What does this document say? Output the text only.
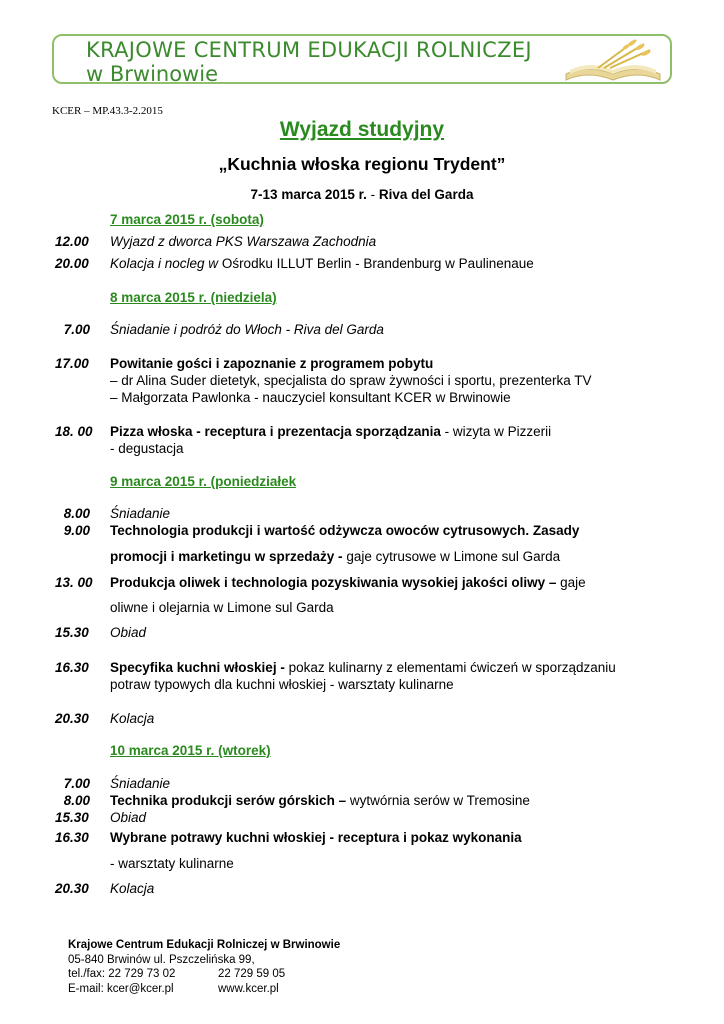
KRAJOWE CENTRUM EDUKACJI ROLNICZEJ
w Brwinowie
KCER – MP.43.3-2.2015
Wyjazd studyjny
„Kuchnia włoska regionu Trydent”
7-13 marca 2015 r. - Riva del Garda
7 marca 2015 r. (sobota)
12.00 Wyjazd z dworca PKS Warszawa Zachodnia
20.00 Kolacja i nocleg w Ośrodku ILLUT Berlin - Brandenburg w Paulinenaue
8 marca 2015 r. (niedziela)
7.00 Śniadanie i podróż do Włoch - Riva del Garda
17.00 Powitanie gości i zapoznanie z programem pobytu
– dr Alina Suder dietetyk, specjalista do spraw żywności i sportu, prezenterka TV
– Małgorzata Pawlonka - nauczyciel konsultant KCER w Brwinowie
18. 00 Pizza włoska - receptura i prezentacja sporządzania - wizyta w Pizzerii
- degustacja
9 marca 2015 r. (poniedziałek
8.00 Śniadanie
9.00 Technologia produkcji i wartość odżywcza owoców cytrusowych. Zasady
promocji i marketingu w sprzedaży - gaje cytrusowe w Limone sul Garda
13. 00 Produkcja oliwek i technologia pozyskiwania wysokiej jakości oliwy – gaje
oliwne i olejarnia w Limone sul Garda
15.30 Obiad
16.30 Specyfika kuchni włoskiej - pokaz kulinarny z elementami ćwiczeń w sporządzaniu
potraw typowych dla kuchni włoskiej - warsztaty kulinarne
20.30 Kolacja
10 marca 2015 r. (wtorek)
7.00 Śniadanie
8.00 Technika produkcji serów górskich – wytwórnia serów w Tremosine
15.30 Obiad
16.30 Wybrane potrawy kuchni włoskiej - receptura i pokaz wykonania
- warsztaty kulinarne
20.30 Kolacja
Krajowe Centrum Edukacji Rolniczej w Brwinowie
05-840 Brwinów ul. Pszczelińska 99,
tel./fax: 22 729 73 02	22 729 59 05
E-mail: kcer@kcer.pl	www.kcer.pl
